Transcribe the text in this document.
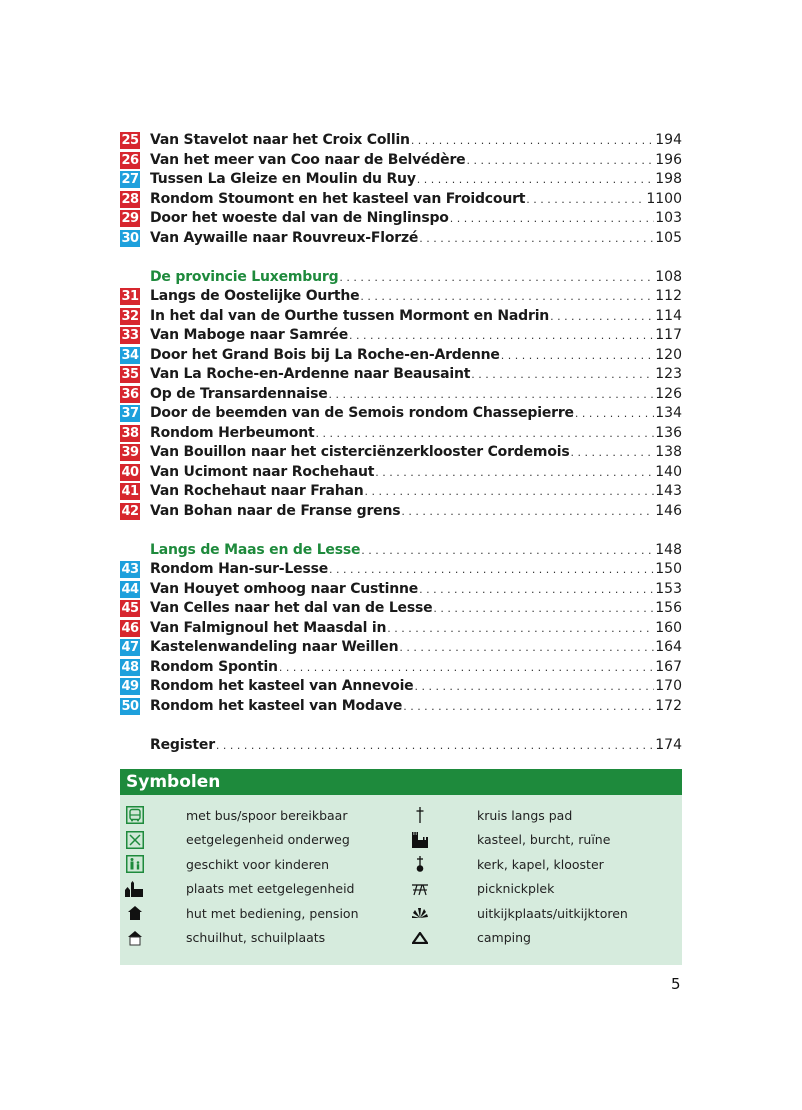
25 Van Stavelot naar het Croix Collin . . .	194
26 Van het meer van Coo naar de Belvédère . . .	196
27 Tussen La Gleize en Moulin du Ruy . . .	198
28 Rondom Stoumont en het kasteel van Froidcourt . . .	1100
29 Door het woeste dal van de Ninglinspo . . .	103
30 Van Aywaille naar Rouvreux-Florzé . . .	105
De provincie Luxemburg . . .	108
31 Langs de Oostelijke Ourthe . . .	112
32 In het dal van de Ourthe tussen Mormont en Nadrin . . .	114
33 Van Maboge naar Samrée . . .	117
34 Door het Grand Bois bij La Roche-en-Ardenne . . .	120
35 Van La Roche-en-Ardenne naar Beausaint . . .	123
36 Op de Transardennaise . . .	126
37 Door de beemden van de Semois rondom Chassepierre . . .	134
38 Rondom Herbeumont . . .	136
39 Van Bouillon naar het cisterciënzerklooster Cordemois . . .	138
40 Van Ucimont naar Rochehaut . . .	140
41 Van Rochehaut naar Frahan . . .	143
42 Van Bohan naar de Franse grens . . .	146
Langs de Maas en de Lesse . . .	148
43 Rondom Han-sur-Lesse . . .	150
44 Van Houyet omhoog naar Custinne . . .	153
45 Van Celles naar het dal van de Lesse . . .	156
46 Van Falmignoul het Maasdal in . . .	160
47 Kastelenwandeling naar Weillen . . .	164
48 Rondom Spontin . . .	167
49 Rondom het kasteel van Annevoie . . .	170
50 Rondom het kasteel van Modave . . .	172
Register . . .	174
Symbolen
met bus/spoor bereikbaar
eetgelegenheid onderweg
geschikt voor kinderen
plaats met eetgelegenheid
hut met bediening, pension
schuilhut, schuilplaats
kruis langs pad
kasteel, burcht, ruïne
kerk, kapel, klooster
picknickplek
uitkijkplaats/uitkijktoren
camping
5
